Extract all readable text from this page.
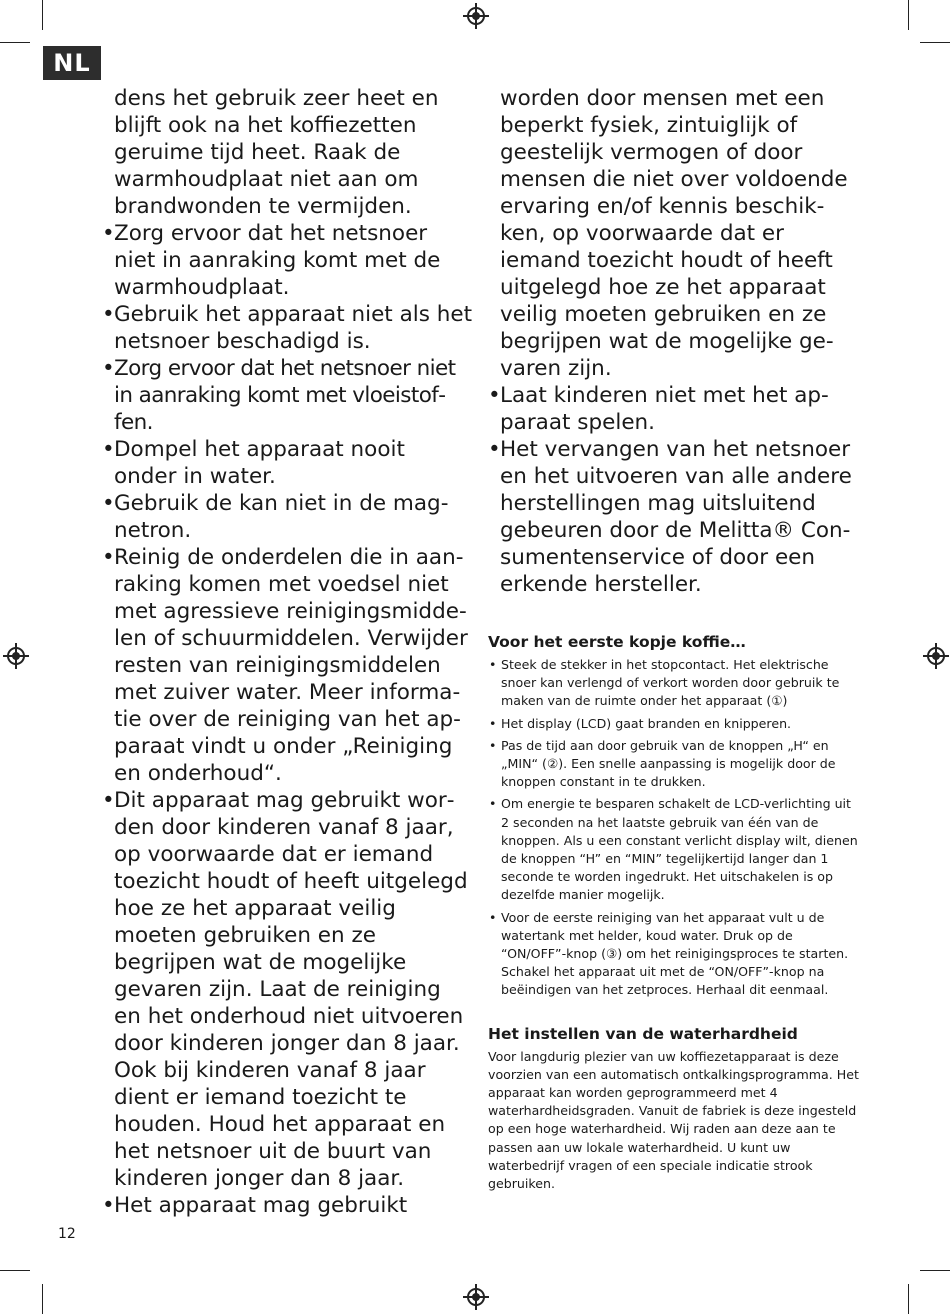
NL

dens het gebruik zeer heet en blijft ook na het koffiezetten geruime tijd heet. Raak de warmhoudplaat niet aan om brandwonden te vermijden.

• Zorg ervoor dat het netsnoer niet in aanraking komt met de warmhoudplaat.

• Gebruik het apparaat niet als het netsnoer beschadigd is.

• Zorg ervoor dat het netsnoer niet in aanraking komt met vloeistoffen.

• Dompel het apparaat nooit onder in water.

• Gebruik de kan niet in de magnetron.

• Reinig de onderdelen die in aanraking komen met voedsel niet met agressieve reinigingsmiddelen of schuurmiddelen. Verwijder resten van reinigingsmiddelen met zuiver water. Meer informatie over de reiniging van het apparaat vindt u onder „Reiniging en onderhoud“.

• Dit apparaat mag gebruikt worden door kinderen vanaf 8 jaar, op voorwaarde dat er iemand toezicht houdt of heeft uitgelegd hoe ze het apparaat veilig moeten gebruiken en ze begrijpen wat de mogelijke gevaren zijn. Laat de reiniging en het onderhoud niet uitvoeren door kinderen jonger dan 8 jaar. Ook bij kinderen vanaf 8 jaar dient er iemand toezicht te houden. Houd het apparaat en het netsnoer uit de buurt van kinderen jonger dan 8 jaar.

• Het apparaat mag gebruikt

worden door mensen met een beperkt fysiek, zintuiglijk of geestelijk vermogen of door mensen die niet over voldoende ervaring en/of kennis beschikken, op voorwaarde dat er iemand toezicht houdt of heeft uitgelegd hoe ze het apparaat veilig moeten gebruiken en ze begrijpen wat de mogelijke gevaren zijn.

• Laat kinderen niet met het apparaat spelen.

• Het vervangen van het netsnoer en het uitvoeren van alle andere herstellingen mag uitsluitend gebeuren door de Melitta® Consumentenservice of door een erkende hersteller.

Voor het eerste kopje koffie…
• Steek de stekker in het stopcontact. Het elektrische snoer kan verlengd of verkort worden door gebruik te maken van de ruimte onder het apparaat (①)
• Het display (LCD) gaat branden en knipperen.
• Pas de tijd aan door gebruik van de knoppen „H“ en „MIN“ (②). Een snelle aanpassing is mogelijk door de knoppen constant in te drukken.
• Om energie te besparen schakelt de LCD-verlichting uit 2 seconden na het laatste gebruik van één van de knoppen. Als u een constant verlicht display wilt, dienen de knoppen “H” en “MIN” tegelijkertijd langer dan 1 seconde te worden ingedrukt. Het uitschakelen is op dezelfde manier mogelijk.
• Voor de eerste reiniging van het apparaat vult u de watertank met helder, koud water. Druk op de “ON/OFF”-knop (③) om het reinigingsproces te starten. Schakel het apparaat uit met de “ON/OFF”-knop na beëindigen van het zetproces. Herhaal dit eenmaal.
Het instellen van de waterhardheid

Voor langdurig plezier van uw koffiezetapparaat is deze voorzien van een automatisch ontkalkingsprogramma. Het apparaat kan worden geprogrammeerd met 4 waterhardheidsgraden. Vanuit de fabriek is deze ingesteld op een hoge waterhardheid. Wij raden aan deze aan te passen aan uw lokale waterhardheid. U kunt uw waterbedrijf vragen of een speciale indicatie strook gebruiken.

12
